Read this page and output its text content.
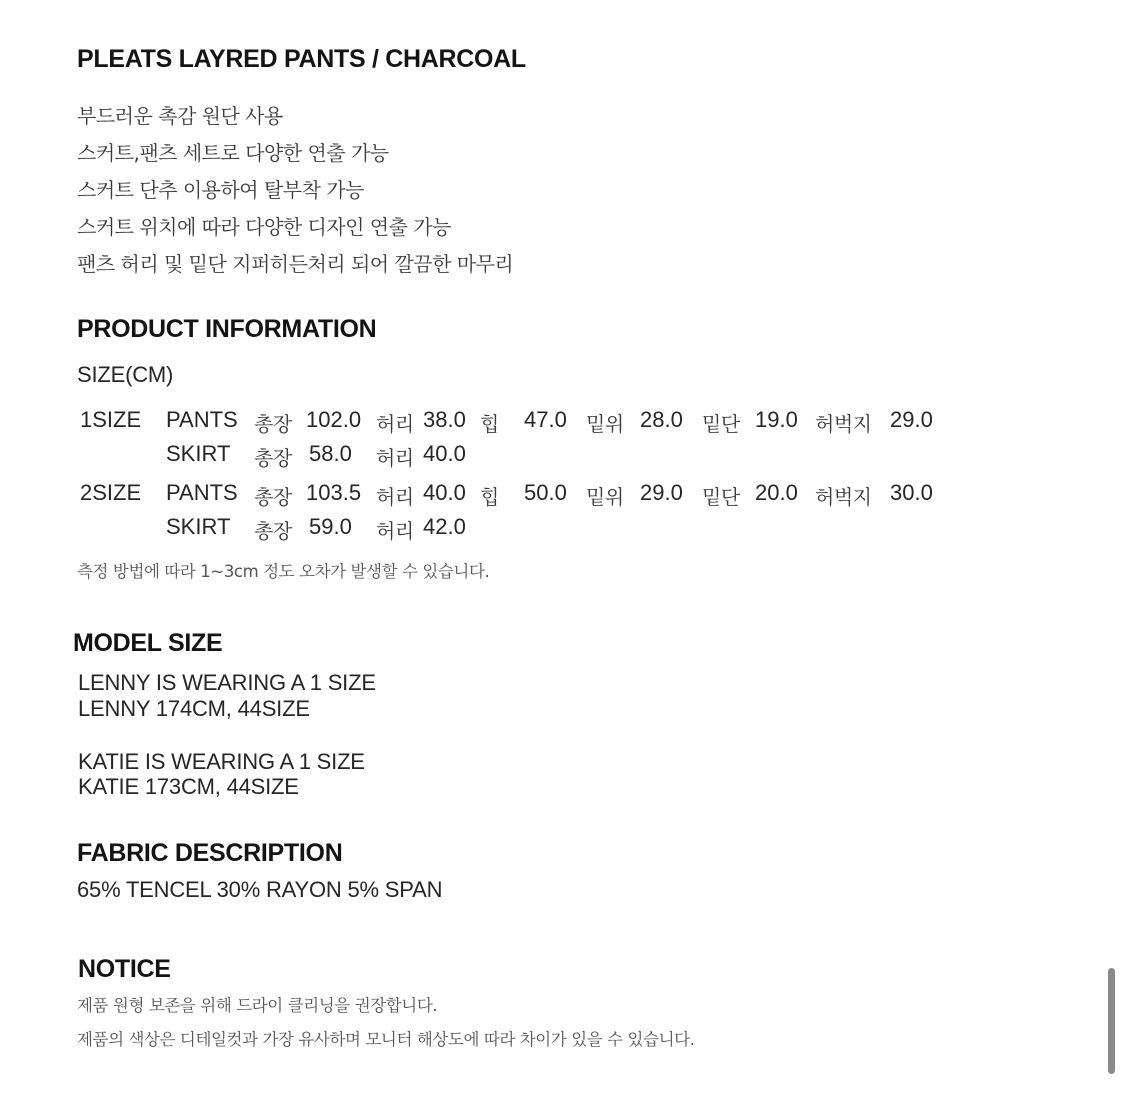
PLEATS LAYRED PANTS / CHARCOAL
부드러운 촉감 원단 사용
스커트,팬츠 세트로 다양한 연출 가능
스커트 단추 이용하여 탈부착 가능
스커트 위치에 따라 다양한 디자인 연출 가능
팬츠 허리 및 밑단 지퍼히든처리 되어 깔끔한 마무리
PRODUCT INFORMATION
SIZE(CM)
1SIZE PANTS 총장 102.0 허리 38.0 힙 47.0 밑위 28.0 밑단 19.0 허벅지 29.0
SKIRT 총장 58.0 허리 40.0
2SIZE PANTS 총장 103.5 허리 40.0 힙 50.0 밑위 29.0 밑단 20.0 허벅지 30.0
SKIRT 총장 59.0 허리 42.0
측정 방법에 따라 1~3cm 정도 오차가 발생할 수 있습니다.
MODEL SIZE
LENNY IS WEARING A 1 SIZE
LENNY 174CM, 44SIZE
KATIE IS WEARING A 1 SIZE
KATIE 173CM, 44SIZE
FABRIC DESCRIPTION
65% TENCEL 30% RAYON 5% SPAN
NOTICE
제품 원형 보존을 위해 드라이 클리닝을 권장합니다.
제품의 색상은 디테일컷과 가장 유사하며 모니터 해상도에 따라 차이가 있을 수 있습니다.
